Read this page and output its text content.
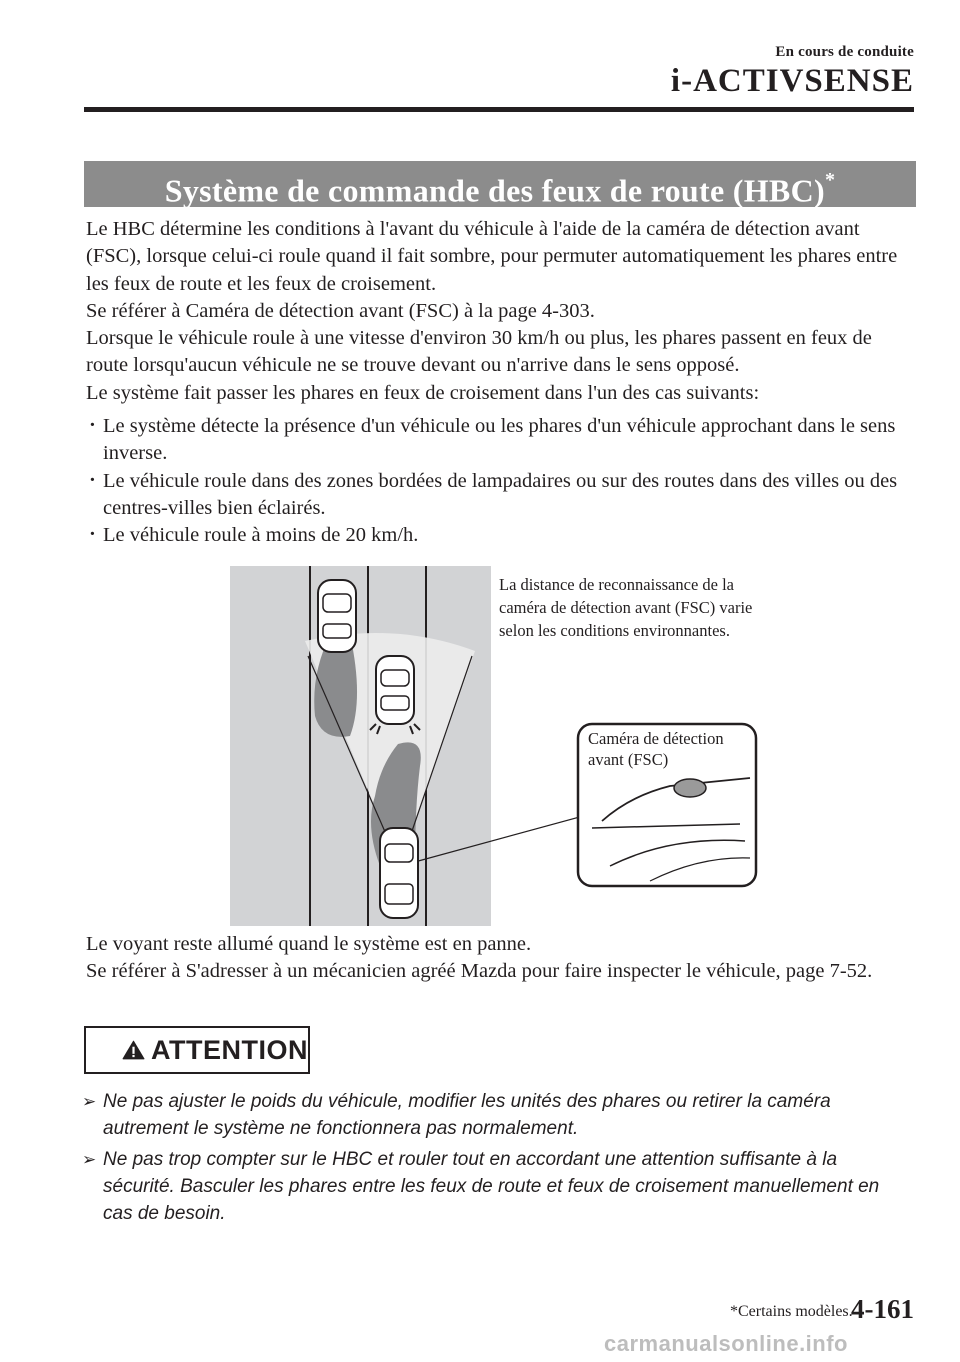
En cours de conduite
i-ACTIVSENSE
Système de commande des feux de route (HBC)*

Le HBC détermine les conditions à l'avant du véhicule à l'aide de la caméra de détection avant (FSC), lorsque celui-ci roule quand il fait sombre, pour permuter automatiquement les phares entre les feux de route et les feux de croisement.

Se référer à Caméra de détection avant (FSC) à la page 4-303.

Lorsque le véhicule roule à une vitesse d'environ 30 km/h ou plus, les phares passent en feux de route lorsqu'aucun véhicule ne se trouve devant ou n'arrive dans le sens opposé.

Le système fait passer les phares en feux de croisement dans l'un des cas suivants:

· Le système détecte la présence d'un véhicule ou les phares d'un véhicule approchant dans le sens inverse.
· Le véhicule roule dans des zones bordées de lampadaires ou sur des routes dans des villes ou des centres-villes bien éclairés.
· Le véhicule roule à moins de 20 km/h.
La distance de reconnaissance de la caméra de détection avant (FSC) varie selon les conditions environnantes.
Caméra de détection avant (FSC)

Le voyant reste allumé quand le système est en panne.

Se référer à S'adresser à un mécanicien agréé Mazda pour faire inspecter le véhicule, page 7-52.

ATTENTION
➢ Ne pas ajuster le poids du véhicule, modifier les unités des phares ou retirer la caméra autrement le système ne fonctionnera pas normalement.
➢ Ne pas trop compter sur le HBC et rouler tout en accordant une attention suffisante à la sécurité. Basculer les phares entre les feux de route et feux de croisement manuellement en cas de besoin.
*Certains modèles.
4-161
carmanualsonline.info
